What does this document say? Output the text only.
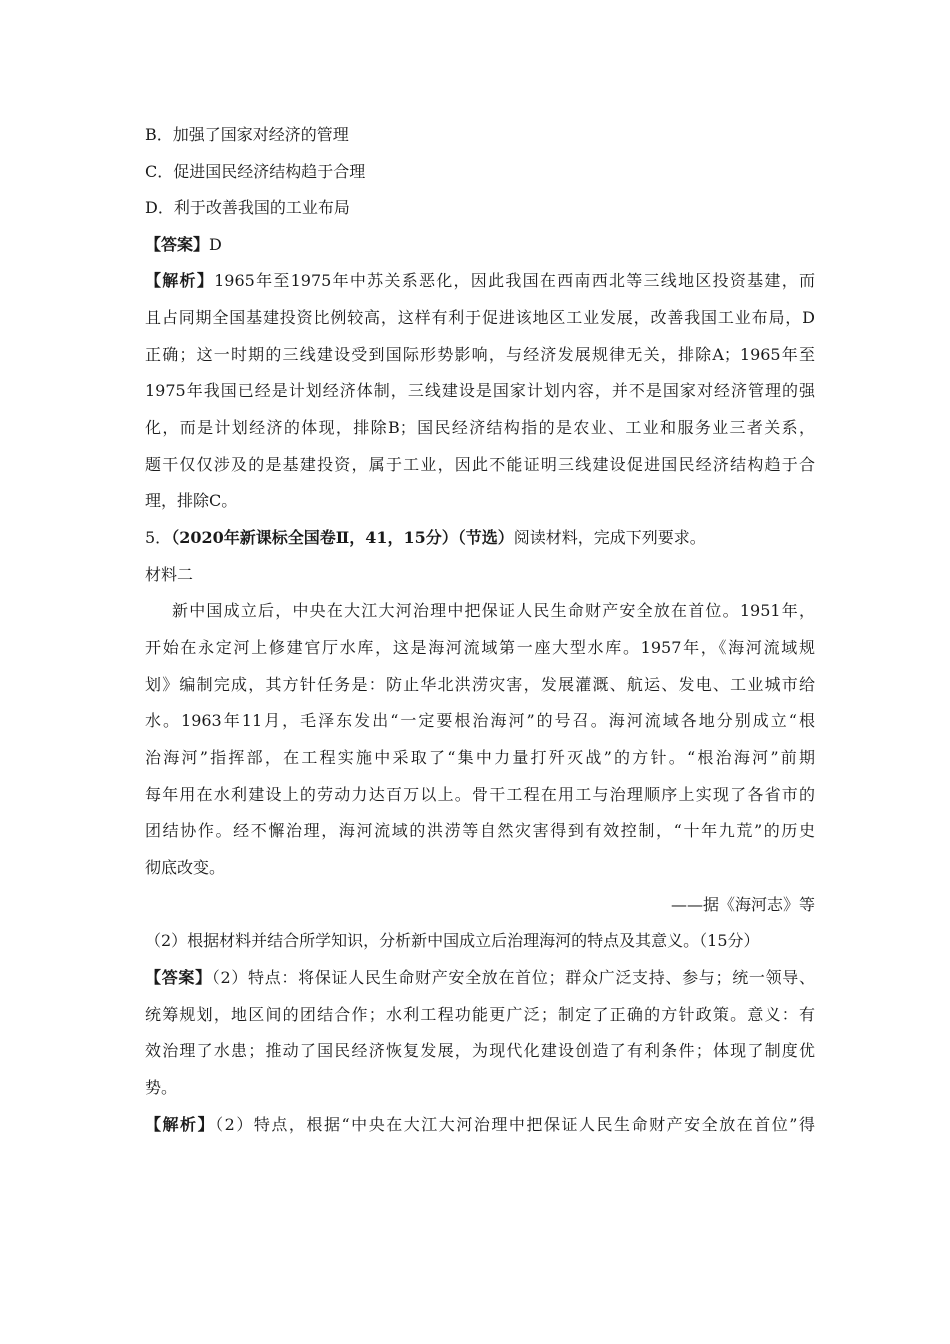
B．加强了国家对经济的管理
C．促进国民经济结构趋于合理
D．利于改善我国的工业布局
【答案】D
【解析】1965年至1975年中苏关系恶化，因此我国在西南西北等三线地区投资基建，而
且占同期全国基建投资比例较高，这样有利于促进该地区工业发展，改善我国工业布局，D
正确；这一时期的三线建设受到国际形势影响，与经济发展规律无关，排除A；1965年至
1975年我国已经是计划经济体制，三线建设是国家计划内容，并不是国家对经济管理的强
化，而是计划经济的体现，排除B；国民经济结构指的是农业、工业和服务业三者关系，
题干仅仅涉及的是基建投资，属于工业，因此不能证明三线建设促进国民经济结构趋于合
理，排除C。
5．（2020年新课标全国卷Ⅱ，41，15分）（节选）阅读材料，完成下列要求。
材料二
新中国成立后，中央在大江大河治理中把保证人民生命财产安全放在首位。1951年，
开始在永定河上修建官厅水库，这是海河流域第一座大型水库。1957年，《海河流域规
划》编制完成，其方针任务是：防止华北洪涝灾害，发展灌溉、航运、发电、工业城市给
水。1963年11月，毛泽东发出“一定要根治海河”的号召。海河流域各地分别成立“根
治海河”指挥部，在工程实施中采取了“集中力量打歼灭战”的方针。“根治海河”前期
每年用在水利建设上的劳动力达百万以上。骨干工程在用工与治理顺序上实现了各省市的
团结协作。经不懈治理，海河流域的洪涝等自然灾害得到有效控制，“十年九荒”的历史
彻底改变。
——据《海河志》等
（2）根据材料并结合所学知识，分析新中国成立后治理海河的特点及其意义。（15分）
【答案】（2）特点：将保证人民生命财产安全放在首位；群众广泛支持、参与；统一领导、
统筹规划，地区间的团结合作；水利工程功能更广泛；制定了正确的方针政策。意义：有
效治理了水患；推动了国民经济恢复发展，为现代化建设创造了有利条件；体现了制度优
势。
【解析】（2）特点，根据“中央在大江大河治理中把保证人民生命财产安全放在首位”得
